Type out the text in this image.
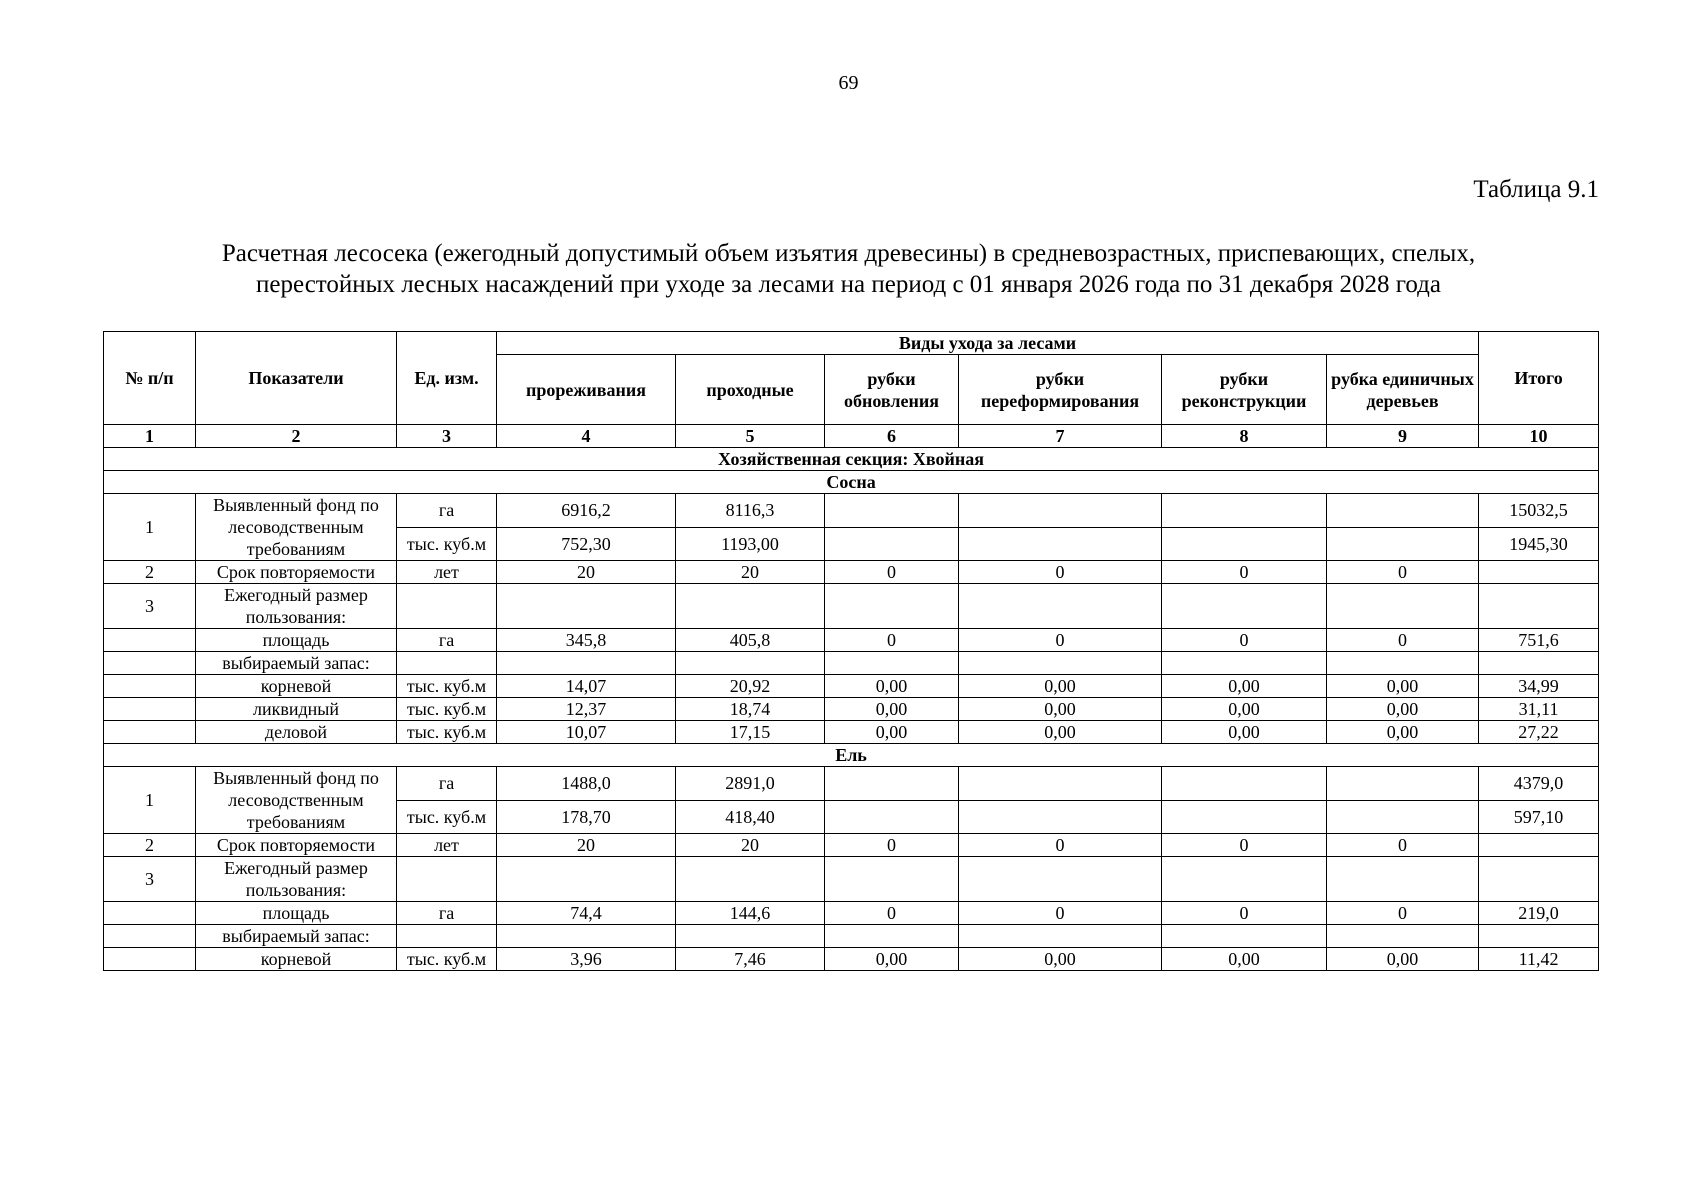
69
Таблица 9.1
Расчетная лесосека (ежегодный допустимый объем изъятия древесины) в средневозрастных, приспевающих, спелых,
перестойных лесных насаждений при уходе за лесами на период с 01 января 2026 года по 31 декабря 2028 года
№ п/п	Показатели	Ед. изм.	Виды ухода за лесами						Итого
			прореживания	проходные	рубки обновления	рубки переформирования	рубки реконструкции	рубка единичных деревьев	
1	2	3	4	5	6	7	8	9	10
Хозяйственная секция: Хвойная									
Сосна									
1	Выявленный фонд по лесоводственным требованиям	га	6916,2	8116,3					15032,5
		тыс. куб.м	752,30	1193,00					1945,30
2	Срок повторяемости	лет	20	20	0	0	0	0	
3	Ежегодный размер пользования:								
	площадь	га	345,8	405,8	0	0	0	0	751,6
	выбираемый запас:								
	корневой	тыс. куб.м	14,07	20,92	0,00	0,00	0,00	0,00	34,99
	ликвидный	тыс. куб.м	12,37	18,74	0,00	0,00	0,00	0,00	31,11
	деловой	тыс. куб.м	10,07	17,15	0,00	0,00	0,00	0,00	27,22
Ель									
1	Выявленный фонд по лесоводственным требованиям	га	1488,0	2891,0					4379,0
		тыс. куб.м	178,70	418,40					597,10
2	Срок повторяемости	лет	20	20	0	0	0	0	
3	Ежегодный размер пользования:								
	площадь	га	74,4	144,6	0	0	0	0	219,0
	выбираемый запас:								
	корневой	тыс. куб.м	3,96	7,46	0,00	0,00	0,00	0,00	11,42
